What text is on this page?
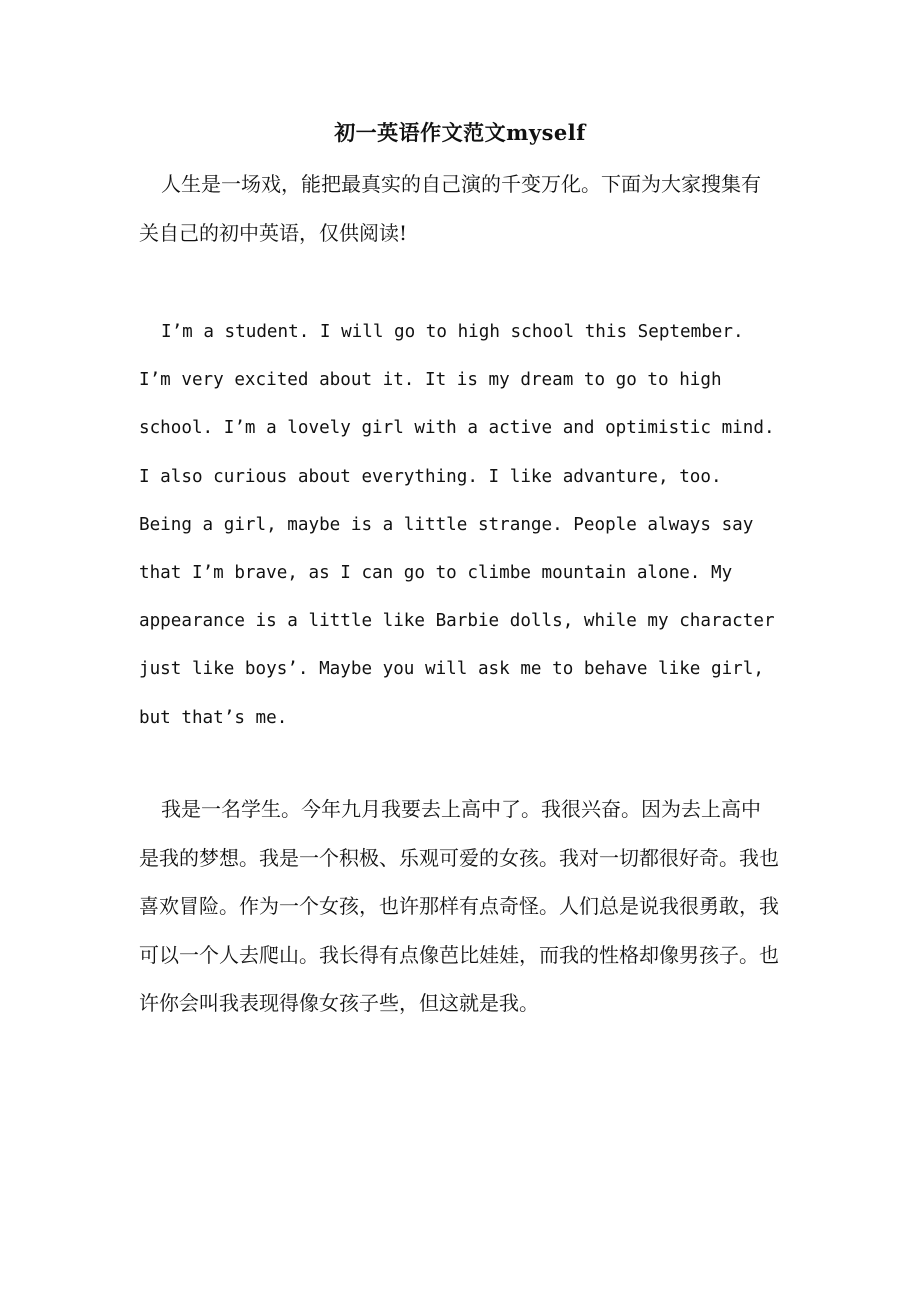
初一英语作文范文myself

人生是一场戏，能把最真实的自己演的千变万化。下面为大家搜集有关自己的初中英语，仅供阅读!

I’m a student. I will go to high school this September. I’m very excited about it. It is my dream to go to high school. I’m a lovely girl with a active and optimistic mind. I also curious about everything. I like advanture, too. Being a girl, maybe is a little strange. People always say that I’m brave, as I can go to climbe mountain alone. My appearance is a little like Barbie dolls, while my character just like boys’. Maybe you will ask me to behave like girl, but that’s me.

我是一名学生。今年九月我要去上高中了。我很兴奋。因为去上高中是我的梦想。我是一个积极、乐观可爱的女孩。我对一切都很好奇。我也喜欢冒险。作为一个女孩，也许那样有点奇怪。人们总是说我很勇敢，我可以一个人去爬山。我长得有点像芭比娃娃，而我的性格却像男孩子。也许你会叫我表现得像女孩子些，但这就是我。
